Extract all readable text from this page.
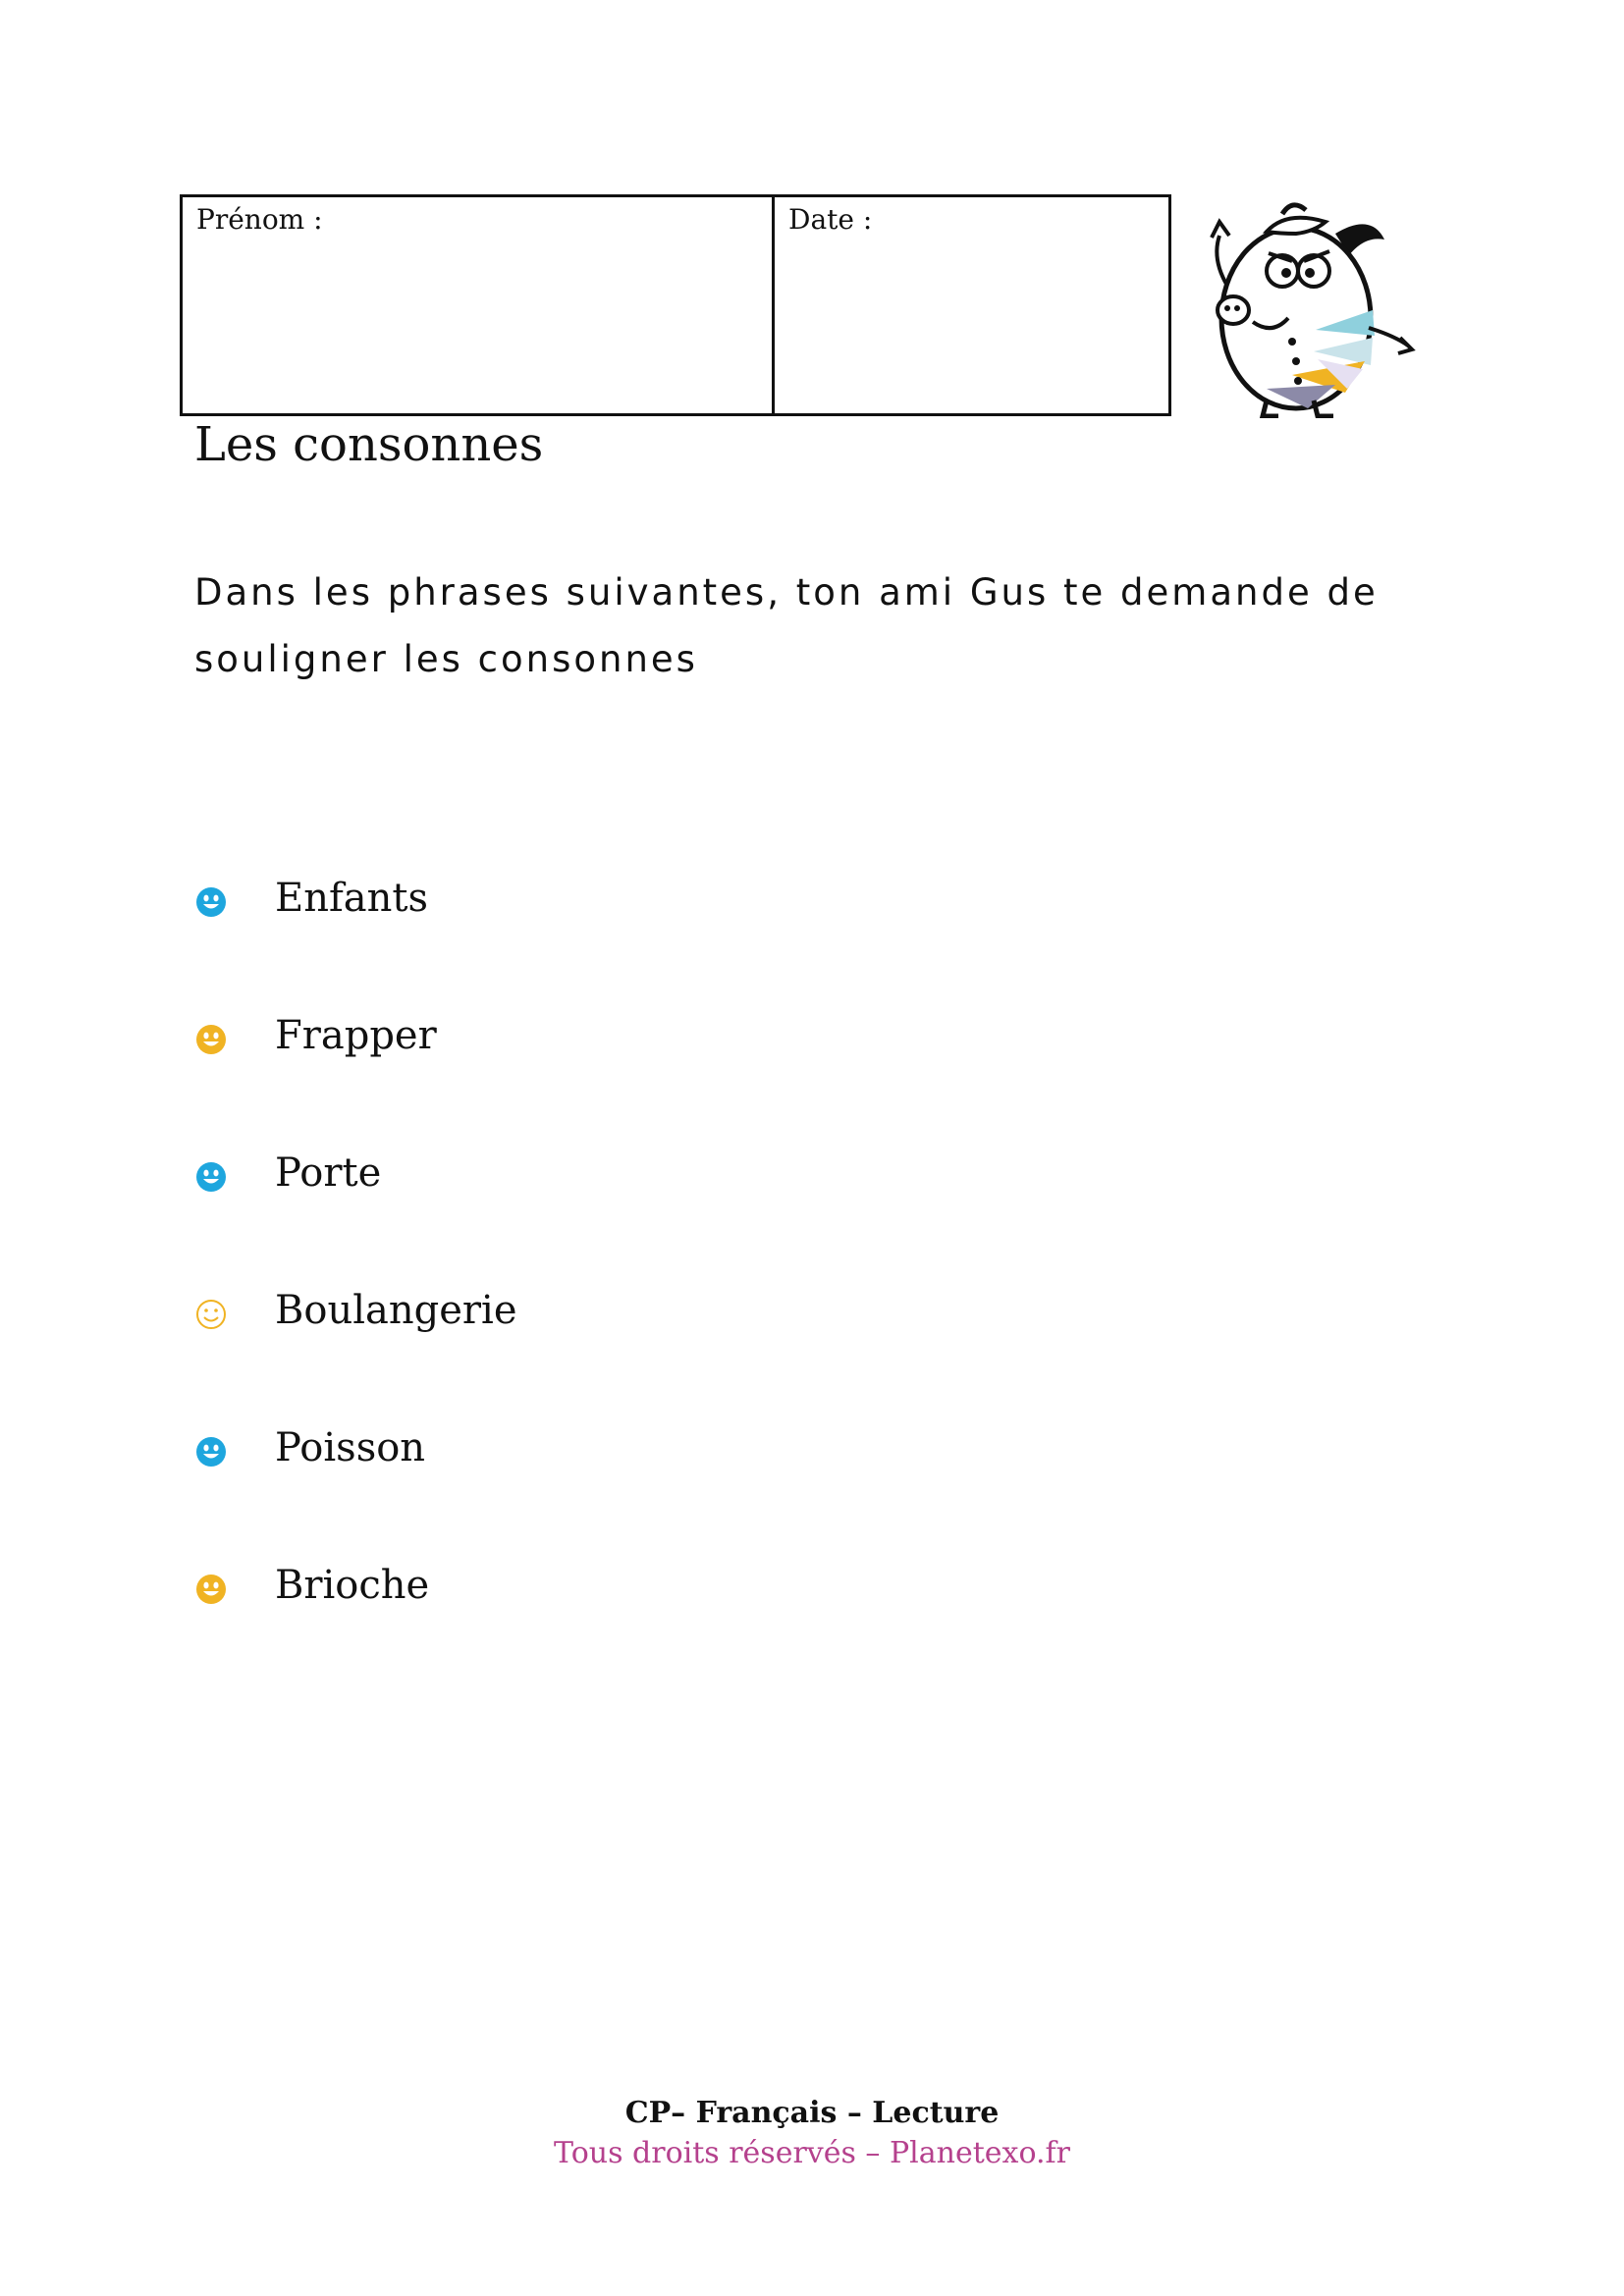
Prénom :	Date :
Les consonnes

Dans les phrases suivantes, ton ami Gus te demande de souligner les consonnes

Enfants
Frapper
Porte
Boulangerie
Poisson
Brioche
CP– Français – Lecture
Tous droits réservés – Planetexo.fr
